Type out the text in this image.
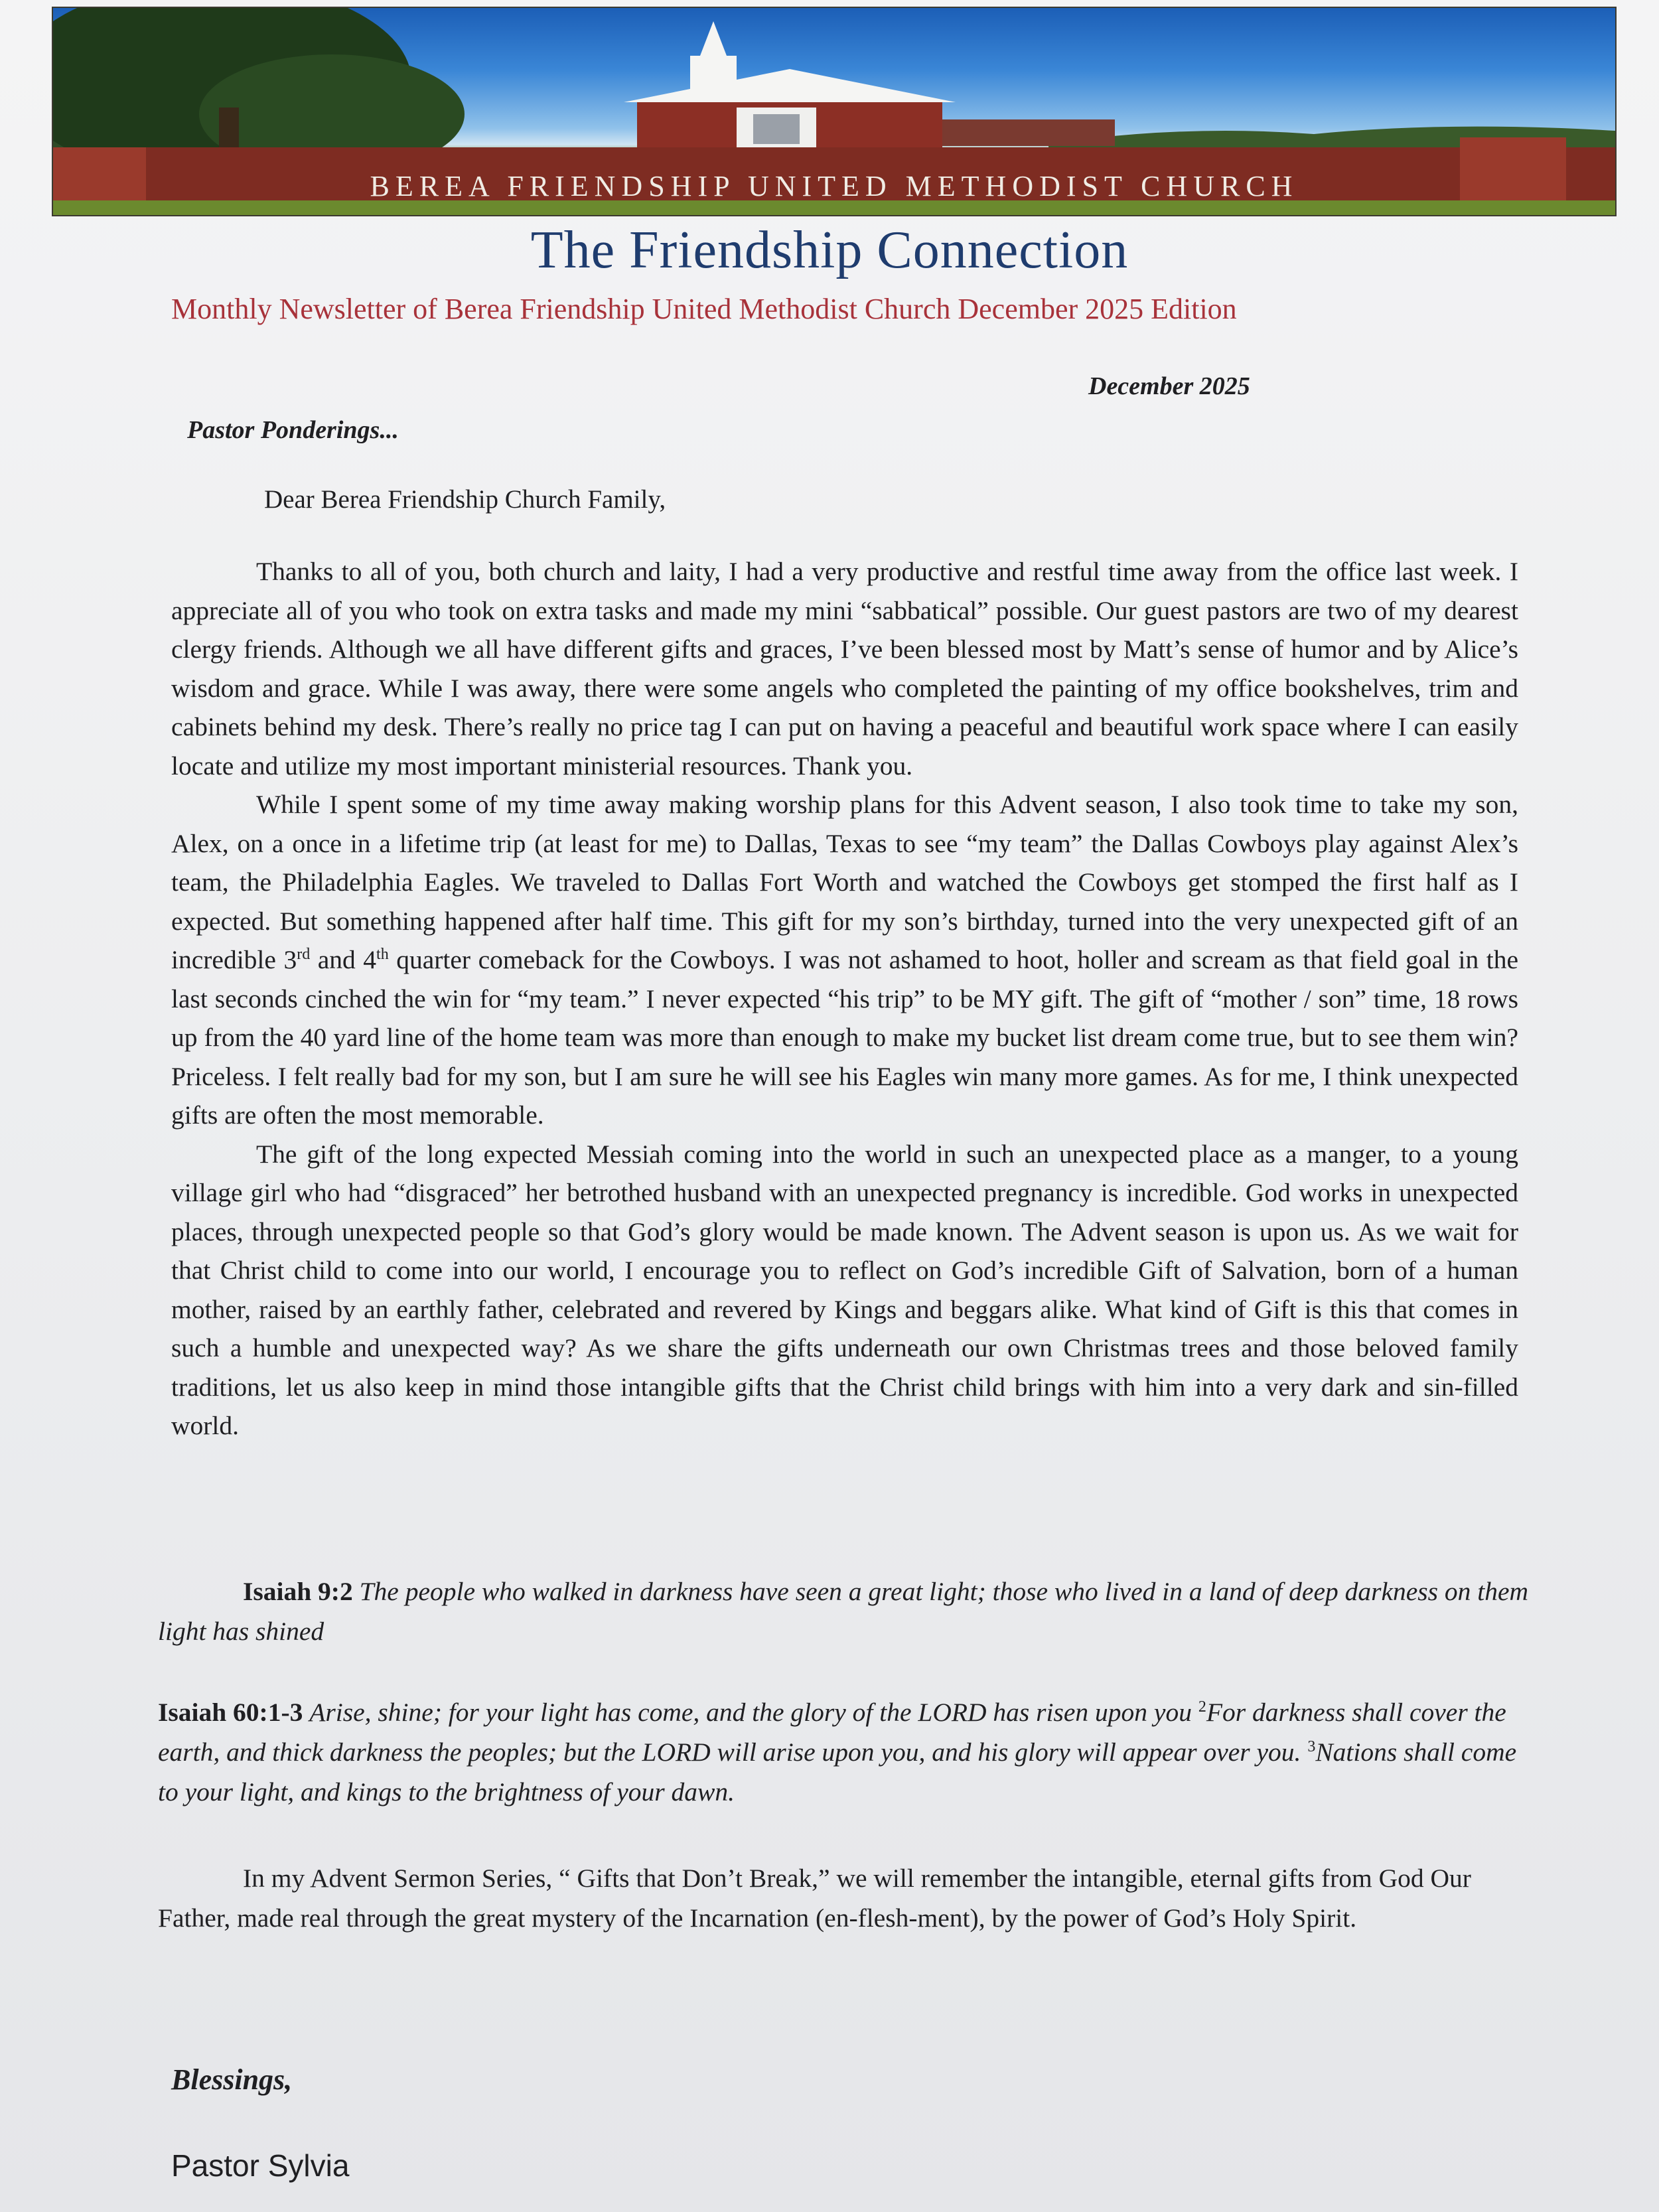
BEREA FRIENDSHIP UNITED METHODIST CHURCH
The Friendship Connection
Monthly Newsletter of Berea Friendship United Methodist Church December 2025 Edition
December 2025
Pastor Ponderings...
Dear Berea Friendship Church Family,

Thanks to all of you, both church and laity, I had a very productive and restful time away from the office last week. I appreciate all of you who took on extra tasks and made my mini “sabbatical” possible. Our guest pastors are two of my dearest clergy friends. Although we all have different gifts and graces, I’ve been blessed most by Matt’s sense of humor and by Alice’s wisdom and grace. While I was away, there were some angels who completed the painting of my office bookshelves, trim and cabinets behind my desk. There’s really no price tag I can put on having a peaceful and beautiful work space where I can easily locate and utilize my most important ministerial resources. Thank you.

While I spent some of my time away making worship plans for this Advent season, I also took time to take my son, Alex, on a once in a lifetime trip (at least for me) to Dallas, Texas to see “my team” the Dallas Cowboys play against Alex’s team, the Philadelphia Eagles. We traveled to Dallas Fort Worth and watched the Cowboys get stomped the first half as I expected. But something happened after half time. This gift for my son’s birthday, turned into the very unexpected gift of an incredible 3rd and 4th quarter comeback for the Cowboys. I was not ashamed to hoot, holler and scream as that field goal in the last seconds cinched the win for “my team.” I never expected “his trip” to be MY gift. The gift of “mother / son” time, 18 rows up from the 40 yard line of the home team was more than enough to make my bucket list dream come true, but to see them win? Priceless. I felt really bad for my son, but I am sure he will see his Eagles win many more games. As for me, I think unexpected gifts are often the most memorable.

The gift of the long expected Messiah coming into the world in such an unexpected place as a manger, to a young village girl who had “disgraced” her betrothed husband with an unexpected pregnancy is incredible. God works in unexpected places, through unexpected people so that God’s glory would be made known. The Advent season is upon us. As we wait for that Christ child to come into our world, I encourage you to reflect on God’s incredible Gift of Salvation, born of a human mother, raised by an earthly father, celebrated and revered by Kings and beggars alike. What kind of Gift is this that comes in such a humble and unexpected way? As we share the gifts underneath our own Christmas trees and those beloved family traditions, let us also keep in mind those intangible gifts that the Christ child brings with him into a very dark and sin-filled world.

Isaiah 9:2 The people who walked in darkness have seen a great light; those who lived in a land of deep darkness on them light has shined
Isaiah 60:1-3 Arise, shine; for your light has come, and the glory of the LORD has risen upon you $^2$For darkness shall cover the earth, and thick darkness the peoples; but the LORD will arise upon you, and his glory will appear over you. $^3$Nations shall come to your light, and kings to the brightness of your dawn.
In my Advent Sermon Series, “ Gifts that Don’t Break,” we will remember the intangible, eternal gifts from God Our Father, made real through the great mystery of the Incarnation (en-flesh-ment), by the power of God’s Holy Spirit.
Blessings,
Pastor Sylvia
